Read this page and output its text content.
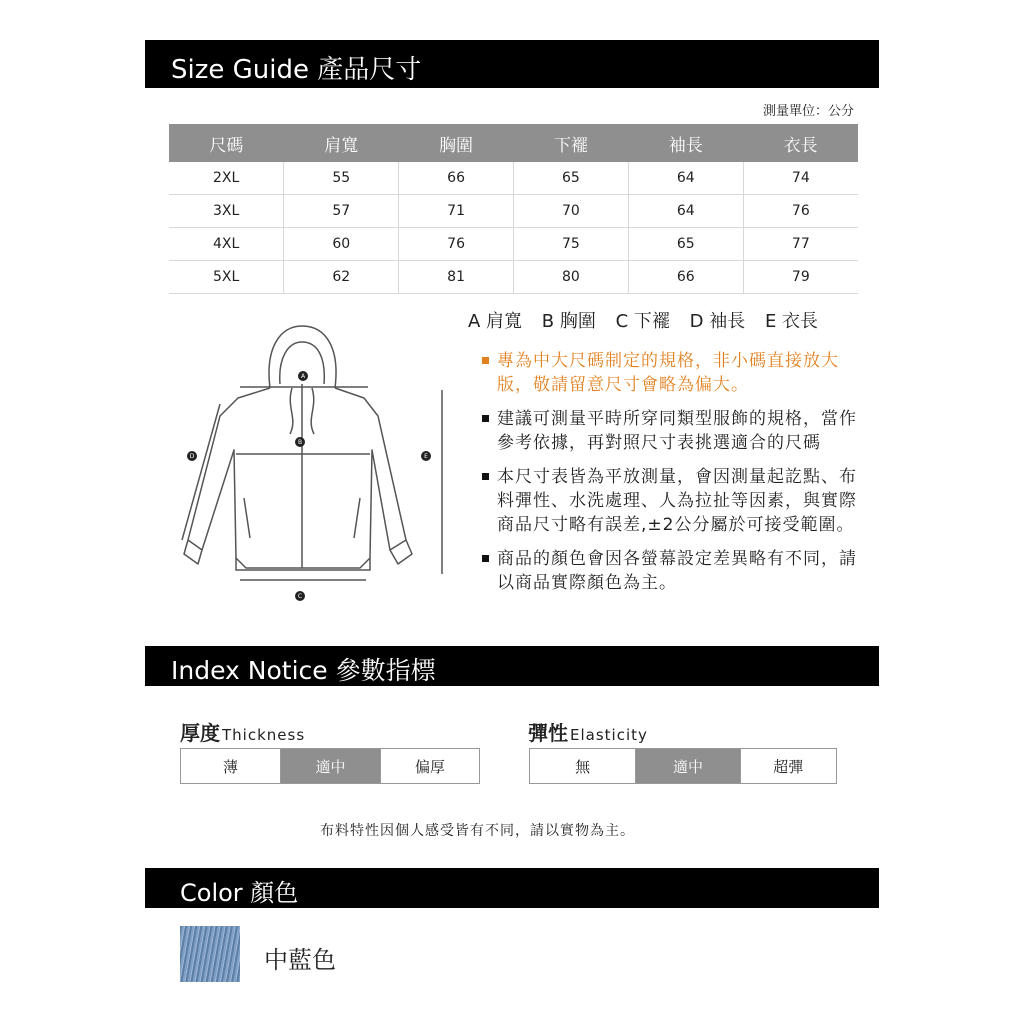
Size Guide 產品尺寸
測量單位：公分
尺碼	肩寬	胸圍	下襬	袖長	衣長
2XL	55	66	65	64	74
3XL	57	71	70	64	76
4XL	60	76	75	65	77
5XL	62	81	80	66	79
A
B
C
D	E
A 肩寬 B 胸圍 C 下襬 D 袖長 E 衣長
專為中大尺碼制定的規格，非小碼直接放大版，敬請留意尺寸會略為偏大。
建議可測量平時所穿同類型服飾的規格，當作參考依據，再對照尺寸表挑選適合的尺碼
本尺寸表皆為平放測量，會因測量起訖點、布料彈性、水洗處理、人為拉扯等因素，與實際商品尺寸略有誤差,±2公分屬於可接受範圍。
商品的顏色會因各螢幕設定差異略有不同，請以商品實際顏色為主。
Index Notice 參數指標
厚度 Thickness
薄	適中	偏厚
彈性 Elasticity
無	適中	超彈
布料特性因個人感受皆有不同，請以實物為主。
Color 顏色
中藍色
